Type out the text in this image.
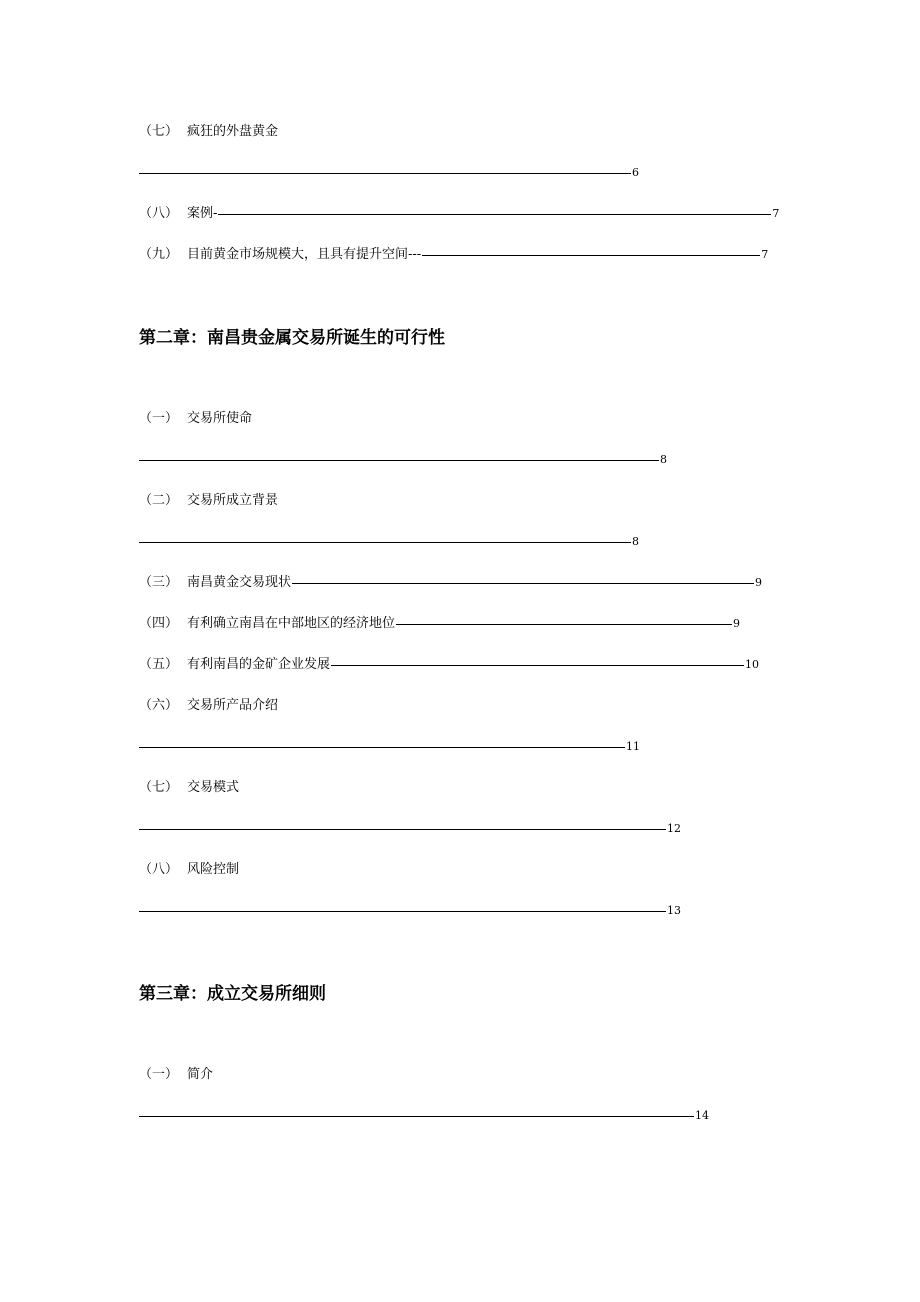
（七） 疯狂的外盘黄金
6
（八） 案例-	7
（九） 目前黄金市场规模大，且具有提升空间---	7
第二章：南昌贵金属交易所诞生的可行性
（一） 交易所使命
8
（二） 交易所成立背景
8
（三） 南昌黄金交易现状	9
（四） 有利确立南昌在中部地区的经济地位	9
（五） 有利南昌的金矿企业发展	10
（六） 交易所产品介绍
11
（七） 交易模式
12
（八） 风险控制
13
第三章：成立交易所细则
（一） 简介
14
